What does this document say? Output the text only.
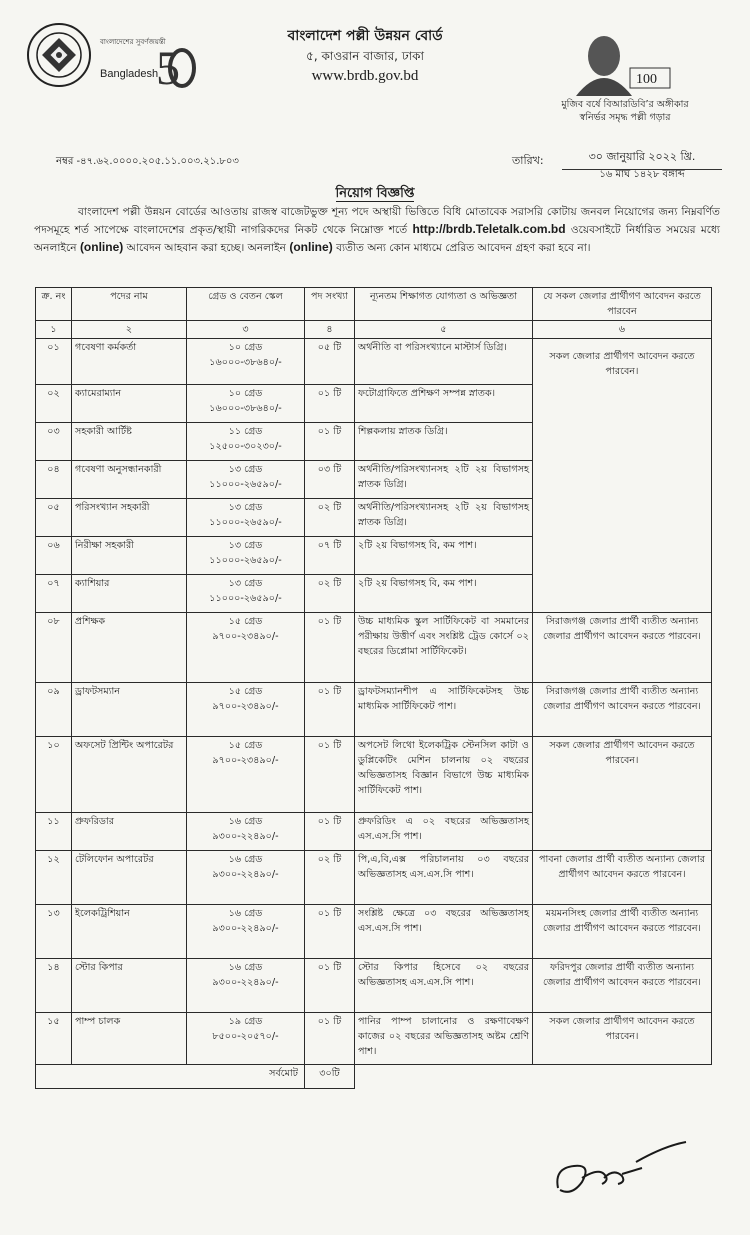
বাংলাদেশের সুবর্ণজয়ন্তী
Bangladesh
5
বাংলাদেশ পল্লী উন্নয়ন বোর্ড
৫, কাওরান বাজার, ঢাকা
www.brdb.gov.bd	100
মুজিব বর্ষে বিআরডিবি’র অঙ্গীকার
স্বনির্ভর সমৃদ্ধ পল্লী গড়ার
নম্বর -৪৭.৬২.০০০০.২০৫.১১.০০৩.২১.৮০৩	তারিখ:	৩০ জানুয়ারি ২০২২ খ্রি.
১৬ মাঘ ১৪২৮ বঙ্গাব্দ
নিয়োগ বিজ্ঞপ্তি
বাংলাদেশ পল্লী উন্নয়ন বোর্ডের আওতায় রাজস্ব বাজেটভুক্ত শূন্য পদে অস্থায়ী ভিত্তিতে বিধি মোতাবেক সরাসরি কোটায় জনবল নিয়োগের জন্য নিম্নবর্ণিত পদসমূহে শর্ত সাপেক্ষে বাংলাদেশের প্রকৃত/স্থায়ী নাগরিকদের নিকট থেকে নিম্নোক্ত শর্তে http://brdb.Teletalk.com.bd ওয়েবসাইটে নির্ধারিত সময়ের মধ্যে অনলাইনে (online) আবেদন আহবান করা হচ্ছে। অনলাইন (online) ব্যতীত অন্য কোন মাধ্যমে প্রেরিত আবেদন গ্রহণ করা হবে না।
ক্র. নং	পদের নাম	গ্রেড ও বেতন স্কেল	পদ সংখ্যা	ন্যূনতম শিক্ষাগত যোগ্যতা ও অভিজ্ঞতা	যে সকল জেলার প্রার্থীগণ আবেদন করতে পারবেন
১	২	৩	৪	৫	৬
০১	গবেষণা কর্মকর্তা	১০ গ্রেড
১৬০০০-৩৮৬৪০/-	০৫ টি	অর্থনীতি বা পরিসংখ্যানে মাস্টার্স ডিগ্রি।	সকল জেলার প্রার্থীগণ আবেদন করতে পারবেন।
০২	ক্যামেরাম্যান	১০ গ্রেড
১৬০০০-৩৮৬৪০/-	০১ টি	ফটোগ্রাফিতে প্রশিক্ষণ সম্পন্ন স্নাতক।	
০৩	সহকারী আর্টিষ্ট	১১ গ্রেড
১২৫০০-৩০২৩০/-	০১ টি	শিল্পকলায় স্নাতক ডিগ্রি।	
০৪	গবেষণা অনুসন্ধানকারী	১৩ গ্রেড
১১০০০-২৬৫৯০/-	০৩ টি	অর্থনীতি/পরিসংখ্যানসহ ২টি ২য় বিভাগসহ স্নাতক ডিগ্রি।	
০৫	পরিসংখ্যান সহকারী	১৩ গ্রেড
১১০০০-২৬৫৯০/-	০২ টি	অর্থনীতি/পরিসংখ্যানসহ ২টি ২য় বিভাগসহ স্নাতক ডিগ্রি।	
০৬	নিরীক্ষা সহকারী	১৩ গ্রেড
১১০০০-২৬৫৯০/-	০৭ টি	২টি ২য় বিভাগসহ বি, কম পাশ।	
০৭	ক্যাশিয়ার	১৩ গ্রেড
১১০০০-২৬৫৯০/-	০২ টি	২টি ২য় বিভাগসহ বি, কম পাশ।	
০৮	প্রশিক্ষক	১৫ গ্রেড
৯৭০০-২৩৪৯০/-	০১ টি	উচ্চ মাধ্যমিক স্কুল সার্টিফিকেট বা সমমানের পরীক্ষায় উত্তীর্ণ এবং সংশ্লিষ্ট ট্রেড কোর্সে ০২ বছরের ডিপ্লোমা সার্টিফিকেট।	সিরাজগঞ্জ জেলার প্রার্থী ব্যতীত অন্যান্য জেলার প্রার্থীগণ আবেদন করতে পারবেন।
০৯	ড্রাফটসম্যান	১৫ গ্রেড
৯৭০০-২৩৪৯০/-	০১ টি	ড্রাফটসম্যানশীপ এ সার্টিফিকেটসহ উচ্চ মাধ্যমিক সার্টিফিকেট পাশ।	সিরাজগঞ্জ জেলার প্রার্থী ব্যতীত অন্যান্য জেলার প্রার্থীগণ আবেদন করতে পারবেন।
১০	অফসেট প্রিন্টিং অপারেটর	১৫ গ্রেড
৯৭০০-২৩৪৯০/-	০১ টি	অপসেট লিথো ইলেকট্রিক স্টেনসিল কাটা ও ডুপ্লিকেটিং মেশিন চালনায় ০২ বছরের অভিজ্ঞতাসহ বিজ্ঞান বিভাগে উচ্চ মাধ্যমিক সার্টিফিকেট পাশ।	সকল জেলার প্রার্থীগণ আবেদন করতে পারবেন।
১১	প্রুফরিডার	১৬ গ্রেড
৯৩০০-২২৪৯০/-	০১ টি	প্রুফরিডিং এ ০২ বছরের অভিজ্ঞতাসহ এস.এস.সি পাশ।	
১২	টেলিফোন অপারেটর	১৬ গ্রেড
৯৩০০-২২৪৯০/-	০২ টি	পি,এ,বি,এক্স পরিচালনায় ০৩ বছরের অভিজ্ঞতাসহ এস.এস.সি পাশ।	পাবনা জেলার প্রার্থী ব্যতীত অন্যান্য জেলার প্রার্থীগণ আবেদন করতে পারবেন।
১৩	ইলেকট্রিশিয়ান	১৬ গ্রেড
৯৩০০-২২৪৯০/-	০১ টি	সংশ্লিষ্ট ক্ষেত্রে ০৩ বছরের অভিজ্ঞতাসহ এস.এস.সি পাশ।	ময়মনসিংহ জেলার প্রার্থী ব্যতীত অন্যান্য জেলার প্রার্থীগণ আবেদন করতে পারবেন।
১৪	স্টোর কিপার	১৬ গ্রেড
৯৩০০-২২৪৯০/-	০১ টি	স্টোর কিপার হিসেবে ০২ বছরের অভিজ্ঞতাসহ এস.এস.সি পাশ।	ফরিদপুর জেলার প্রার্থী ব্যতীত অন্যান্য জেলার প্রার্থীগণ আবেদন করতে পারবেন।
১৫	পাম্প চালক	১৯ গ্রেড
৮৫০০-২০৫৭০/-	০১ টি	পানির পাম্প চালানোর ও রক্ষণাবেক্ষণ কাজের ০২ বছরের অভিজ্ঞতাসহ অষ্টম শ্রেণি পাশ।	সকল জেলার প্রার্থীগণ আবেদন করতে পারবেন।
সর্বমোট			৩০টি		
